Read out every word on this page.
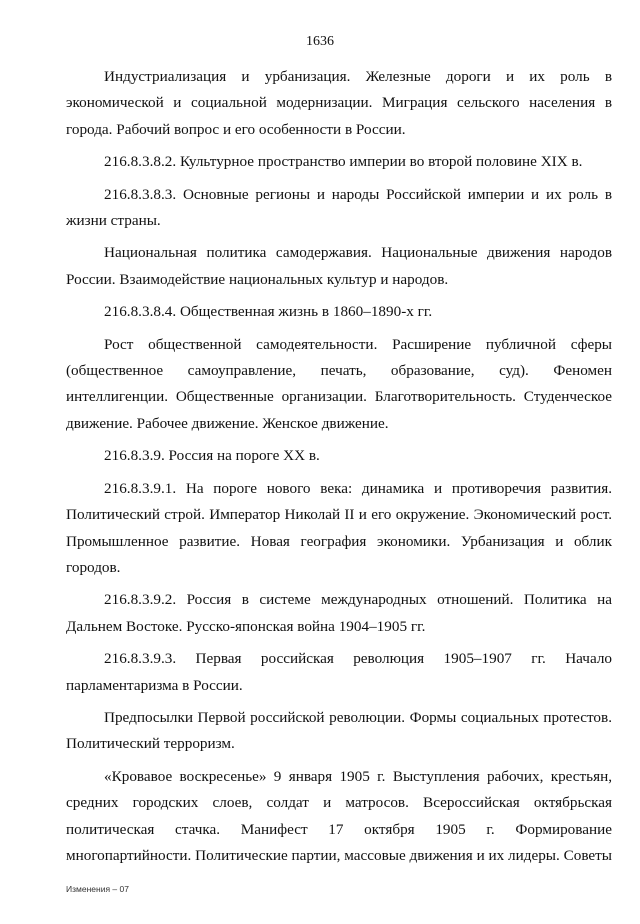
1636

Индустриализация и урбанизация. Железные дороги и их роль в экономической и социальной модернизации. Миграция сельского населения в города. Рабочий вопрос и его особенности в России.

216.8.3.8.2. Культурное пространство империи во второй половине XIX в.

216.8.3.8.3. Основные регионы и народы Российской империи и их роль в жизни страны.

Национальная политика самодержавия. Национальные движения народов России. Взаимодействие национальных культур и народов.

216.8.3.8.4. Общественная жизнь в 1860–1890-х гг.

Рост общественной самодеятельности. Расширение публичной сферы (общественное самоуправление, печать, образование, суд). Феномен интеллигенции. Общественные организации. Благотворительность. Студенческое движение. Рабочее движение. Женское движение.

216.8.3.9. Россия на пороге XX в.

216.8.3.9.1. На пороге нового века: динамика и противоречия развития. Политический строй. Император Николай II и его окружение. Экономический рост. Промышленное развитие. Новая география экономики. Урбанизация и облик городов.

216.8.3.9.2. Россия в системе международных отношений. Политика на Дальнем Востоке. Русско-японская война 1904–1905 гг.

216.8.3.9.3. Первая российская революция 1905–1907 гг. Начало парламентаризма в России.

Предпосылки Первой российской революции. Формы социальных протестов. Политический терроризм.

«Кровавое воскресенье» 9 января 1905 г. Выступления рабочих, крестьян, средних городских слоев, солдат и матросов. Всероссийская октябрьская политическая стачка. Манифест 17 октября 1905 г. Формирование многопартийности. Политические партии, массовые движения и их лидеры. Советы

Изменения – 07
